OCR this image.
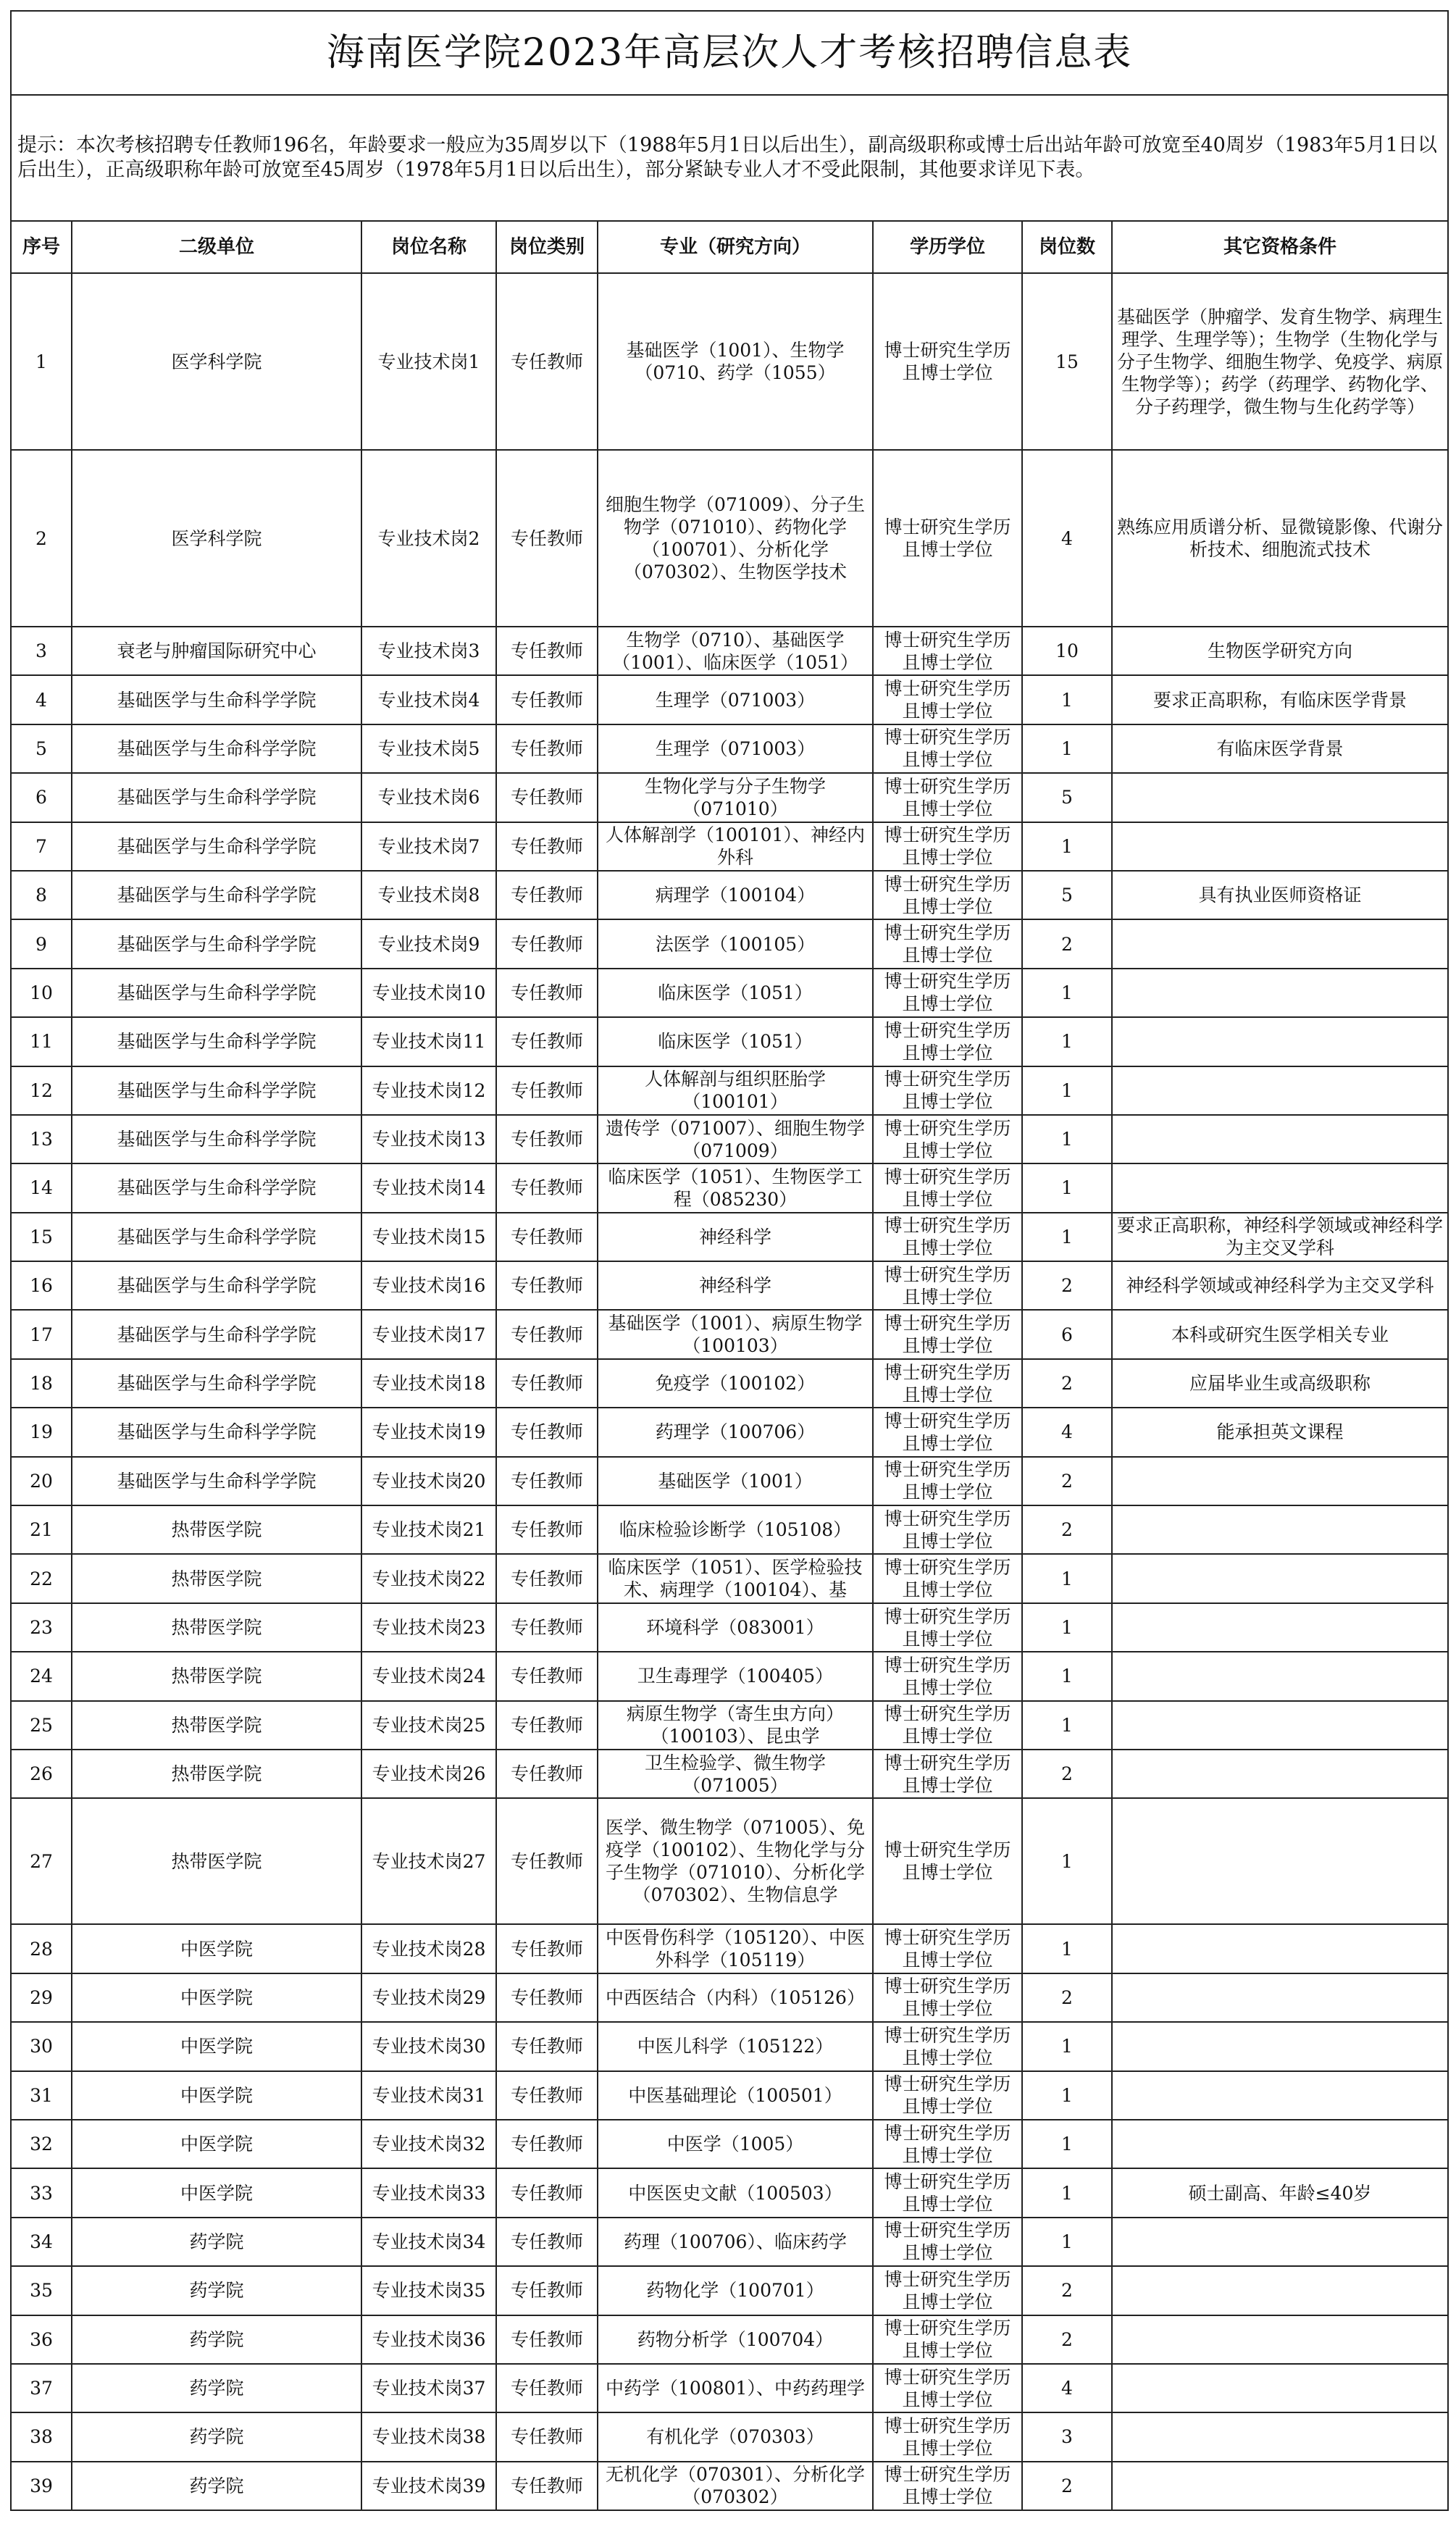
海南医学院2023年高层次人才考核招聘信息表							
提示：本次考核招聘专任教师196名，年龄要求一般应为35周岁以下（1988年5月1日以后出生），副高级职称或博士后出站年龄可放宽至40周岁（1983年5月1日以后出生），正高级职称年龄可放宽至45周岁（1978年5月1日以后出生），部分紧缺专业人才不受此限制，其他要求详见下表。							
序号	二级单位	岗位名称	岗位类别	专业（研究方向）	学历学位	岗位数	其它资格条件
1	医学科学院	专业技术岗1	专任教师	基础医学（1001）、生物学（0710、药学（1055）	博士研究生学历且博士学位	15	基础医学（肿瘤学、发育生物学、病理生理学、生理学等）；生物学（生物化学与分子生物学、细胞生物学、免疫学、病原生物学等）；药学（药理学、药物化学、分子药理学，微生物与生化药学等）
2	医学科学院	专业技术岗2	专任教师	细胞生物学（071009）、分子生物学（071010）、药物化学（100701）、分析化学（070302）、生物医学技术	博士研究生学历且博士学位	4	熟练应用质谱分析、显微镜影像、代谢分析技术、细胞流式技术
3	衰老与肿瘤国际研究中心	专业技术岗3	专任教师	生物学（0710）、基础医学（1001）、临床医学（1051）	博士研究生学历且博士学位	10	生物医学研究方向
4	基础医学与生命科学学院	专业技术岗4	专任教师	生理学（071003）	博士研究生学历且博士学位	1	要求正高职称，有临床医学背景
5	基础医学与生命科学学院	专业技术岗5	专任教师	生理学（071003）	博士研究生学历且博士学位	1	有临床医学背景
6	基础医学与生命科学学院	专业技术岗6	专任教师	生物化学与分子生物学（071010）	博士研究生学历且博士学位	5	
7	基础医学与生命科学学院	专业技术岗7	专任教师	人体解剖学（100101）、神经内外科	博士研究生学历且博士学位	1	
8	基础医学与生命科学学院	专业技术岗8	专任教师	病理学（100104）	博士研究生学历且博士学位	5	具有执业医师资格证
9	基础医学与生命科学学院	专业技术岗9	专任教师	法医学（100105）	博士研究生学历且博士学位	2	
10	基础医学与生命科学学院	专业技术岗10	专任教师	临床医学（1051）	博士研究生学历且博士学位	1	
11	基础医学与生命科学学院	专业技术岗11	专任教师	临床医学（1051）	博士研究生学历且博士学位	1	
12	基础医学与生命科学学院	专业技术岗12	专任教师	人体解剖与组织胚胎学（100101）	博士研究生学历且博士学位	1	
13	基础医学与生命科学学院	专业技术岗13	专任教师	遗传学（071007）、细胞生物学（071009）	博士研究生学历且博士学位	1	
14	基础医学与生命科学学院	专业技术岗14	专任教师	临床医学（1051）、生物医学工程（085230）	博士研究生学历且博士学位	1	
15	基础医学与生命科学学院	专业技术岗15	专任教师	神经科学	博士研究生学历且博士学位	1	要求正高职称，神经科学领域或神经科学为主交叉学科
16	基础医学与生命科学学院	专业技术岗16	专任教师	神经科学	博士研究生学历且博士学位	2	神经科学领域或神经科学为主交叉学科
17	基础医学与生命科学学院	专业技术岗17	专任教师	基础医学（1001）、病原生物学（100103）	博士研究生学历且博士学位	6	本科或研究生医学相关专业
18	基础医学与生命科学学院	专业技术岗18	专任教师	免疫学（100102）	博士研究生学历且博士学位	2	应届毕业生或高级职称
19	基础医学与生命科学学院	专业技术岗19	专任教师	药理学（100706）	博士研究生学历且博士学位	4	能承担英文课程
20	基础医学与生命科学学院	专业技术岗20	专任教师	基础医学（1001）	博士研究生学历且博士学位	2	
21	热带医学院	专业技术岗21	专任教师	临床检验诊断学（105108）	博士研究生学历且博士学位	2	
22	热带医学院	专业技术岗22	专任教师	临床医学（1051）、医学检验技术、病理学（100104）、基	博士研究生学历且博士学位	1	
23	热带医学院	专业技术岗23	专任教师	环境科学（083001）	博士研究生学历且博士学位	1	
24	热带医学院	专业技术岗24	专任教师	卫生毒理学（100405）	博士研究生学历且博士学位	1	
25	热带医学院	专业技术岗25	专任教师	病原生物学（寄生虫方向）（100103）、昆虫学	博士研究生学历且博士学位	1	
26	热带医学院	专业技术岗26	专任教师	卫生检验学、微生物学（071005）	博士研究生学历且博士学位	2	
27	热带医学院	专业技术岗27	专任教师	医学、微生物学（071005）、免疫学（100102）、生物化学与分子生物学（071010）、分析化学（070302）、生物信息学	博士研究生学历且博士学位	1	
28	中医学院	专业技术岗28	专任教师	中医骨伤科学（105120）、中医外科学（105119）	博士研究生学历且博士学位	1	
29	中医学院	专业技术岗29	专任教师	中西医结合（内科）（105126）	博士研究生学历且博士学位	2	
30	中医学院	专业技术岗30	专任教师	中医儿科学（105122）	博士研究生学历且博士学位	1	
31	中医学院	专业技术岗31	专任教师	中医基础理论（100501）	博士研究生学历且博士学位	1	
32	中医学院	专业技术岗32	专任教师	中医学（1005）	博士研究生学历且博士学位	1	
33	中医学院	专业技术岗33	专任教师	中医医史文献（100503）	博士研究生学历且博士学位	1	硕士副高、年龄≤40岁
34	药学院	专业技术岗34	专任教师	药理（100706）、临床药学	博士研究生学历且博士学位	1	
35	药学院	专业技术岗35	专任教师	药物化学（100701）	博士研究生学历且博士学位	2	
36	药学院	专业技术岗36	专任教师	药物分析学（100704）	博士研究生学历且博士学位	2	
37	药学院	专业技术岗37	专任教师	中药学（100801）、中药药理学	博士研究生学历且博士学位	4	
38	药学院	专业技术岗38	专任教师	有机化学（070303）	博士研究生学历且博士学位	3	
39	药学院	专业技术岗39	专任教师	无机化学（070301）、分析化学（070302）	博士研究生学历且博士学位	2	
